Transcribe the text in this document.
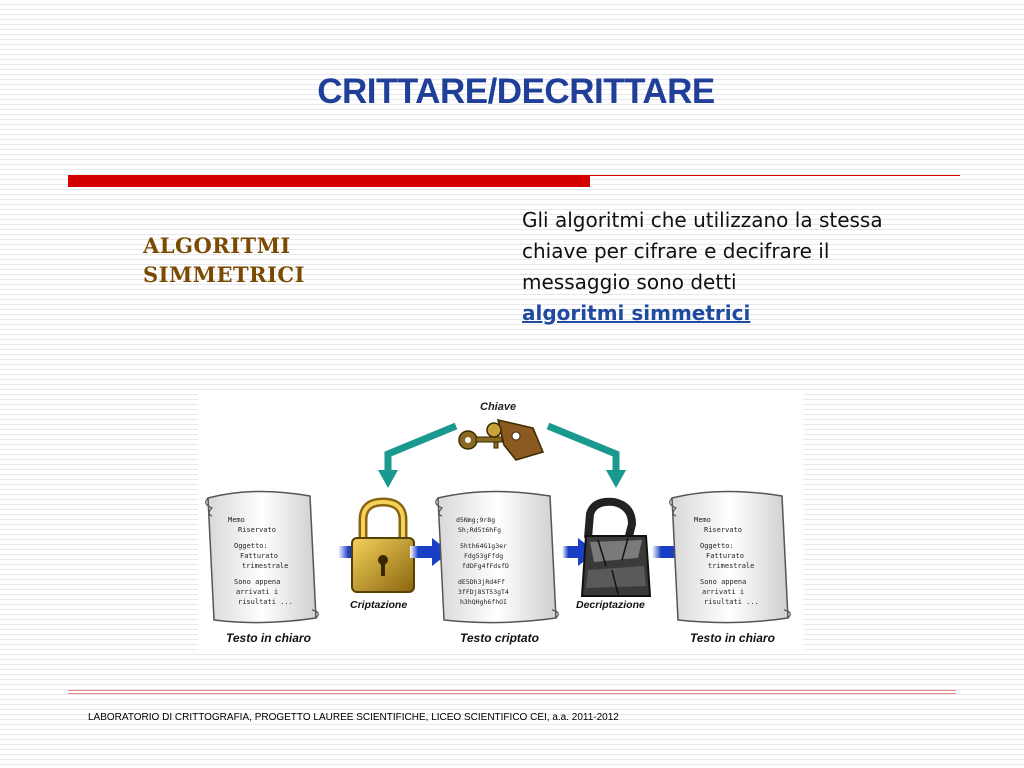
CRITTARE/DECRITTARE
ALGORITMI
SIMMETRICI
Gli algoritmi che utilizzano la stessa chiave per cifrare e decifrare il messaggio sono detti
algoritmi simmetrici
Chiave
Memo
Riservato
Oggetto:
Fatturato
trimestrale
Sono appena
arrivati i
risultati ...
Testo in chiaro
Criptazione
d5Nmg;9r8g
Sh;Rd5t6hFg
5hth64G1g3er
Fdg53gFfdg
fdDFg4fFdsfD
dE5Dh3jRd4Ff
3fFDj8ST53gT4
h3hQHgh6fhOI
Testo criptato
Decriptazione
Memo
Riservato
Oggetto:
Fatturato
trimestrale
Sono appena
arrivati i
risultati ...
Testo in chiaro
LABORATORIO DI CRITTOGRAFIA, PROGETTO LAUREE SCIENTIFICHE, LICEO SCIENTIFICO CEI, a.a. 2011-2012
